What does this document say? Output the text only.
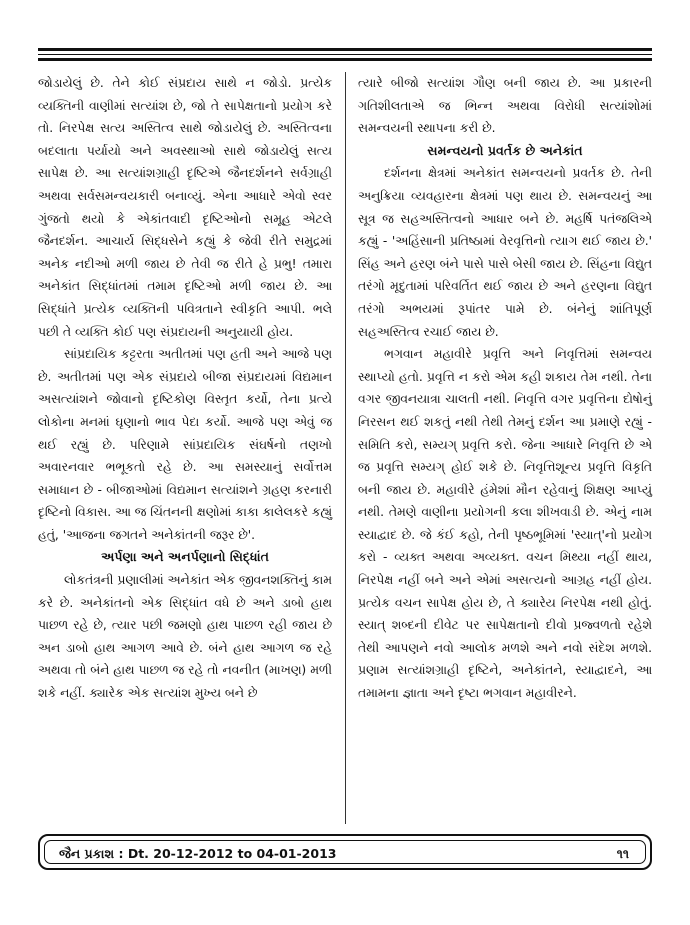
જોડાયેલું છે. તેને કોઈ સંપ્રદાય સાથે ન જોડો. પ્રત્યેક વ્યક્તિની વાણીમાં સત્યાંશ છે, જો તે સાપેક્ષતાનો પ્રયોગ કરે તો. નિરપેક્ષ સત્ય અસ્તિત્વ સાથે જોડાયેલું છે. અસ્તિત્વના બદલાતા પર્યાયો અને અવસ્થાઓ સાથે જોડાયેલું સત્ય સાપેક્ષ છે. આ સત્યાંશગ્રાહી દૃષ્ટિએ જૈનદર્શનને સર્વગ્રાહી અથવા સર્વસમન્વયકારી બનાવ્યું. એના આધારે એવો સ્વર ગુંજતો થયો કે એકાંતવાદી દૃષ્ટિઓનો સમૂહ એટલે જૈનદર્શન. આચાર્ય સિદ્ધસેને કહ્યું કે જેવી રીતે સમુદ્રમાં અનેક નદીઓ મળી જાય છે તેવી જ રીતે હે પ્રભુ! તમારા અનેકાંત સિદ્ધાંતમાં તમામ દૃષ્ટિઓ મળી જાય છે. આ સિદ્ધાંતે પ્રત્યેક વ્યક્તિની પવિત્રતાને સ્વીકૃતિ આપી. ભલે પછી તે વ્યક્તિ કોઈ પણ સંપ્રદાયની અનુયાયી હોય.

સાંપ્રદાયિક કટ્ટરતા અતીતમાં પણ હતી અને આજે પણ છે. અતીતમાં પણ એક સંપ્રદાયે બીજા સંપ્રદાયમાં વિદ્યમાન અસત્યાંશને જોવાનો દૃષ્ટિકોણ વિસ્તૃત કર્યો, તેના પ્રત્યે લોકોના મનમાં ઘૃણાનો ભાવ પેદા કર્યો. આજે પણ એવું જ થઈ રહ્યું છે. પરિણામે સાંપ્રદાયિક સંઘર્ષનો તણખો અવારનવાર ભભૂકતો રહે છે. આ સમસ્યાનું સર્વોત્તમ સમાધાન છે - બીજાઓમાં વિદ્યમાન સત્યાંશને ગ્રહણ કરનારી દૃષ્ટિનો વિકાસ. આ જ ચિંતનની ક્ષણોમાં કાકા કાલેલકરે કહ્યું હતું, 'આજના જગતને અનેકાંતની જરૂર છે'.

અર્પણા અને અનર્પણાનો સિદ્ધાંત

લોકતંત્રની પ્રણાલીમાં અનેકાંત એક જીવનશક્તિનું કામ કરે છે. અનેકાંતનો એક સિદ્ધાંત વધે છે અને ડાબો હાથ પાછળ રહે છે, ત્યાર પછી જમણો હાથ પાછળ રહી જાય છે અન ડાબો હાથ આગળ આવે છે. બંને હાથ આગળ જ રહે અથવા તો બંને હાથ પાછળ જ રહે તો નવનીત (માખણ) મળી શકે નહીં. ક્યારેક એક સત્યાંશ મુખ્ય બને છે

ત્યારે બીજો સત્યાંશ ગૌણ બની જાય છે. આ પ્રકારની ગતિશીલતાએ જ ભિન્ન અથવા વિરોધી સત્યાંશોમાં સમન્વયની સ્થાપના કરી છે.

સમન્વયનો પ્રવર્તક છે અનેકાંત

દર્શનના ક્ષેત્રમાં અનેકાંત સમન્વયનો પ્રવર્તક છે. તેની અનુક્રિયા વ્યવહારના ક્ષેત્રમાં પણ થાય છે. સમન્વયનું આ સૂત્ર જ સહઅસ્તિત્વનો આધાર બને છે. મહર્ષિ પતંજલિએ કહ્યું - 'અહિંસાની પ્રતિષ્ઠામાં વેરવૃત્તિનો ત્યાગ થઈ જાય છે.' સિંહ અને હરણ બંને પાસે પાસે બેસી જાય છે. સિંહના વિદ્યુત તરંગો મૃદુતામાં પરિવર્તિત થઈ જાય છે અને હરણના વિદ્યુત તરંગો અભયમાં રૂપાંતર પામે છે. બંનેનું શાંતિપૂર્ણ સહઅસ્તિત્વ રચાઈ જાય છે.

ભગવાન મહાવીરે પ્રવૃત્તિ અને નિવૃત્તિમાં સમન્વય સ્થાપ્યો હતો. પ્રવૃત્તિ ન કરો એમ કહી શકાય તેમ નથી. તેના વગર જીવનયાત્રા ચાલતી નથી. નિવૃત્તિ વગર પ્રવૃત્તિના દોષોનું નિરસન થઈ શકતું નથી તેથી તેમનું દર્શન આ પ્રમાણે રહ્યું - સમિતિ કરો, સમ્યગ્ પ્રવૃત્તિ કરો. જેના આધારે નિવૃત્તિ છે એ જ પ્રવૃત્તિ સમ્યગ્ હોઈ શકે છે. નિવૃત્તિશૂન્ય પ્રવૃત્તિ વિકૃતિ બની જાય છે. મહાવીરે હંમેશાં મૌન રહેવાનું શિક્ષણ આપ્યું નથી. તેમણે વાણીના પ્રયોગની કલા શીખવાડી છે. એનું નામ સ્યાદ્વાદ છે. જે કંઈ કહો, તેની પૃષ્ઠભૂમિમાં 'સ્યાત્'નો પ્રયોગ કરો - વ્યક્ત અથવા અવ્યક્ત. વચન મિથ્યા નહીં થાય, નિરપેક્ષ નહીં બને અને એમાં અસત્યનો આગ્રહ નહીં હોય. પ્રત્યેક વચન સાપેક્ષ હોય છે, તે ક્યારેય નિરપેક્ષ નથી હોતું. સ્યાત્ શબ્દની દીવેટ પર સાપેક્ષતાનો દીવો પ્રજ્વળતો રહેશે તેથી આપણને નવો આલોક મળશે અને નવો સંદેશ મળશે. પ્રણામ સત્યાંશગ્રાહી દૃષ્ટિને, અનેકાંતને, સ્યાદ્વાદને, આ તમામના જ્ઞાતા અને દૃષ્ટા ભગવાન મહાવીરને.

જૈન પ્રકાશ : Dt. 20-12-2012 to 04-01-2013	૧૧
